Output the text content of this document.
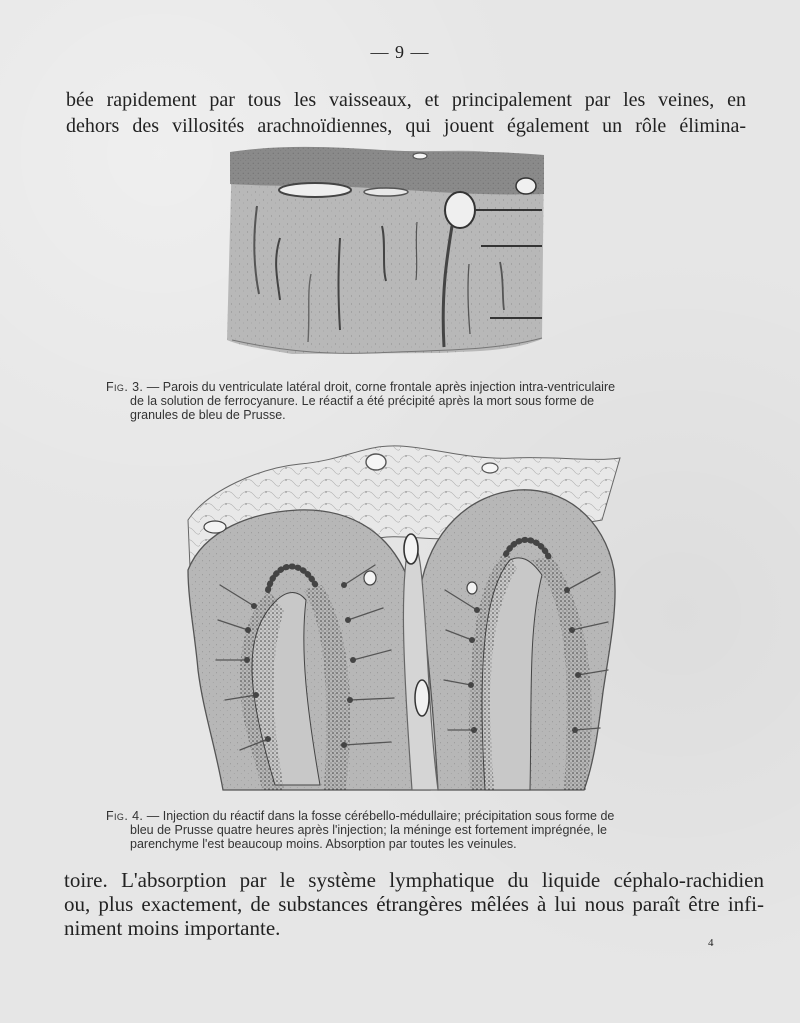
— 9 —
bée rapidement par tous les vaisseaux, et principalement par les veines, en
dehors des villosités arachnoïdiennes, qui jouent également un rôle élimina-
Fig. 3. — Parois du ventriculate latéral droit, corne frontale après injection intra-ventriculaire
de la solution de ferrocyanure. Le réactif a été précipité après la mort sous forme de
granules de bleu de Prusse.
Fig. 4. — Injection du réactif dans la fosse cérébello-médullaire; précipitation sous forme de
bleu de Prusse quatre heures après l'injection; la méninge est fortement imprégnée, le
parenchyme l'est beaucoup moins. Absorption par toutes les veinules.
toire. L'absorption par le système lymphatique du liquide céphalo-rachidien
ou, plus exactement, de substances étrangères mêlées à lui nous paraît être infi-
niment moins importante.
4
